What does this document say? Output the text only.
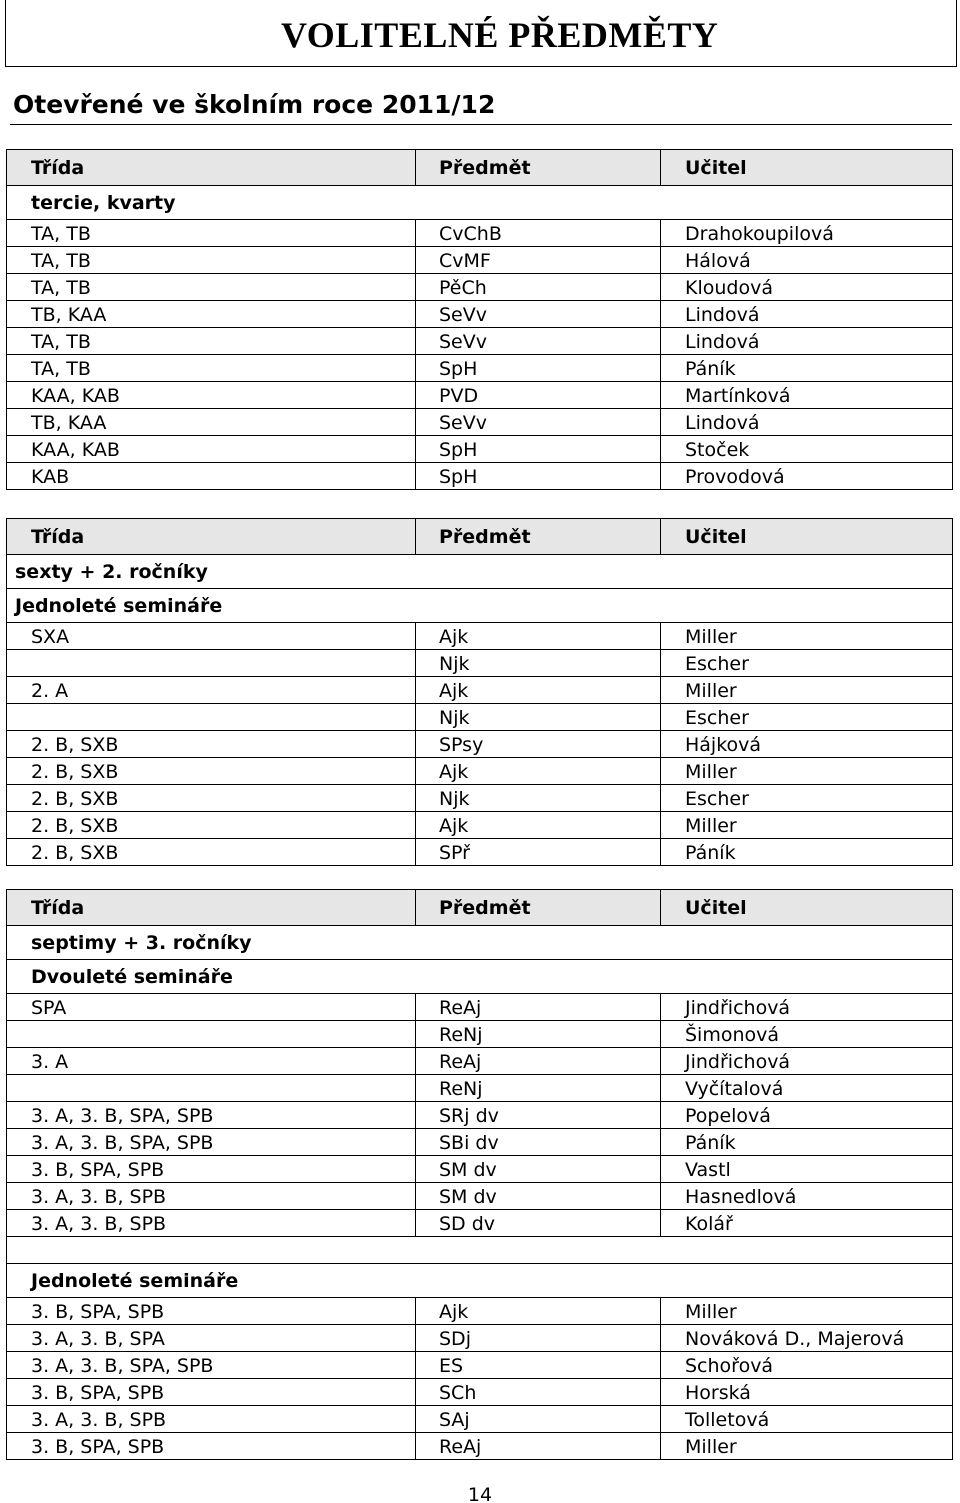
VOLITELNÉ PŘEDMĚTY
Otevřené ve školním roce 2011/12
Třída	Předmět	Učitel
tercie, kvarty		
TA, TB	CvChB	Drahokoupilová
TA, TB	CvMF	Hálová
TA, TB	PěCh	Kloudová
TB, KAA	SeVv	Lindová
TA, TB	SeVv	Lindová
TA, TB	SpH	Páník
KAA, KAB	PVD	Martínková
TB, KAA	SeVv	Lindová
KAA, KAB	SpH	Stoček
KAB	SpH	Provodová
Třída	Předmět	Učitel
sexty + 2. ročníky		
Jednoleté semináře		
SXA	Ajk	Miller
	Njk	Escher
2. A	Ajk	Miller
	Njk	Escher
2. B, SXB	SPsy	Hájková
2. B, SXB	Ajk	Miller
2. B, SXB	Njk	Escher
2. B, SXB	Ajk	Miller
2. B, SXB	SPř	Páník
Třída	Předmět	Učitel
septimy + 3. ročníky		
Dvouleté semináře		
SPA	ReAj	Jindřichová
	ReNj	Šimonová
3. A	ReAj	Jindřichová
	ReNj	Vyčítalová
3. A, 3. B, SPA, SPB	SRj dv	Popelová
3. A, 3. B, SPA, SPB	SBi dv	Páník
3. B, SPA, SPB	SM dv	Vastl
3. A, 3. B, SPB	SM dv	Hasnedlová
3. A, 3. B, SPB	SD dv	Kolář

Jednoleté semináře		
3. B, SPA, SPB	Ajk	Miller
3. A, 3. B, SPA	SDj	Nováková D., Majerová
3. A, 3. B, SPA, SPB	ES	Schořová
3. B, SPA, SPB	SCh	Horská
3. A, 3. B, SPB	SAj	Tolletová
3. B, SPA, SPB	ReAj	Miller
14
